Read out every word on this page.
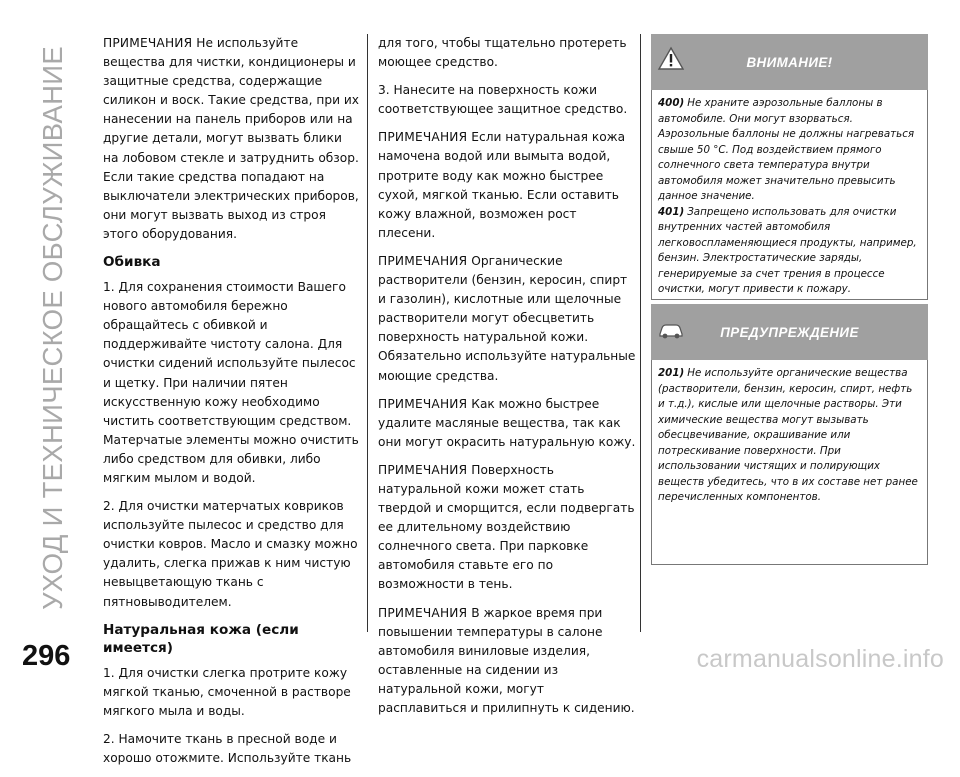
УХОД И ТЕХНИЧЕСКОЕ ОБСЛУЖИВАНИЕ

ПРИМЕЧАНИЯ Не используйте вещества для чистки, кондиционеры и защитные средства, содержащие силикон и воск. Такие средства, при их нанесении на панель приборов или на другие детали, могут вызвать блики на лобовом стекле и затруднить обзор. Если такие средства попадают на выключатели электрических приборов, они могут вызвать выход из строя этого оборудования.

Обивка

1. Для сохранения стоимости Вашего нового автомобиля бережно обращайтесь с обивкой и поддерживайте чистоту салона. Для очистки сидений используйте пылесос и щетку. При наличии пятен искусственную кожу необходимо чистить соответствующим средством. Матерчатые элементы можно очистить либо средством для обивки, либо мягким мылом и водой.

2. Для очистки матерчатых ковриков используйте пылесос и средство для очистки ковров. Масло и смазку можно удалить, слегка прижав к ним чистую невыцветающую ткань с пятновыводителем.

Натуральная кожа (если имеется)

1. Для очистки слегка протрите кожу мягкой тканью, смоченной в растворе мягкого мыла и воды.

2. Намочите ткань в пресной воде и хорошо отожмите. Используйте ткань

для того, чтобы тщательно протереть моющее средство.

3. Нанесите на поверхность кожи соответствующее защитное средство.

ПРИМЕЧАНИЯ Если натуральная кожа намочена водой или вымыта водой, протрите воду как можно быстрее сухой, мягкой тканью. Если оставить кожу влажной, возможен рост плесени.

ПРИМЕЧАНИЯ Органические растворители (бензин, керосин, спирт и газолин), кислотные или щелочные растворители могут обесцветить поверхность натуральной кожи. Обязательно используйте натуральные моющие средства.

ПРИМЕЧАНИЯ Как можно быстрее удалите масляные вещества, так как они могут окрасить натуральную кожу.

ПРИМЕЧАНИЯ Поверхность натуральной кожи может стать твердой и сморщится, если подвергать ее длительному воздействию солнечного света. При парковке автомобиля ставьте его по возможности в тень.

ПРИМЕЧАНИЯ В жаркое время при повышении температуры в салоне автомобиля виниловые изделия, оставленные на сидении из натуральной кожи, могут расплавиться и прилипнуть к сидению.

ВНИМАНИЕ!
400) Не храните аэрозольные баллоны в автомобиле. Они могут взорваться. Аэрозольные баллоны не должны нагреваться свыше 50 °C. Под воздействием прямого солнечного света температура внутри автомобиля может значительно превысить данное значение.
401) Запрещено использовать для очистки внутренних частей автомобиля легковоспламеняющиеся продукты, например, бензин. Электростатические заряды, генерируемые за счет трения в процессе очистки, могут привести к пожару.
ПРЕДУПРЕЖДЕНИЕ
201) Не используйте органические вещества (растворители, бензин, керосин, спирт, нефть и т.д.), кислые или щелочные растворы. Эти химические вещества могут вызывать обесцвечивание, окрашивание или потрескивание поверхности. При использовании чистящих и полирующих веществ убедитесь, что в их составе нет ранее перечисленных компонентов.
296	carmanualsonline.info
